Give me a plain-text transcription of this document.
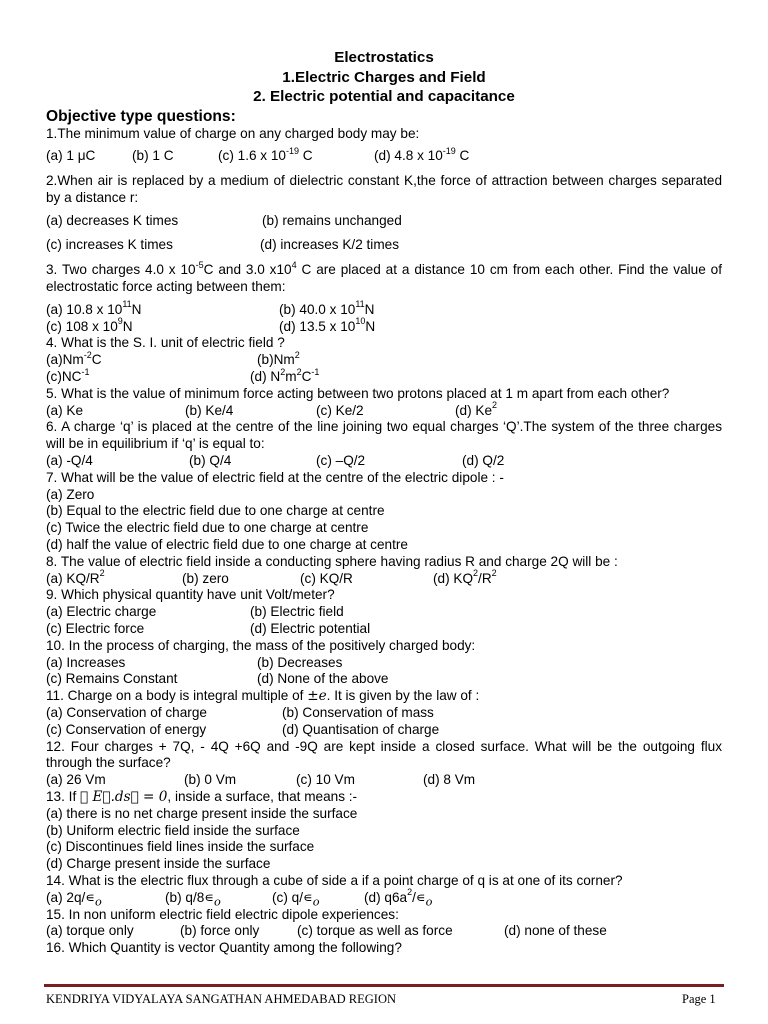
Electrostatics
1.Electric Charges and Field
2. Electric potential and capacitance
Objective type questions:

1.The minimum value of charge on any charged body may be:

(a) 1 μC	(b) 1 C	(c) 1.6 x $10^{-19}$ C	(d) 4.8 x $10^{-19}$ C

2.When air is replaced by a medium of dielectric constant K,the force of attraction between charges separated by a distance r:

(a) decreases K times	(b) remains unchanged
(c) increases K times	(d) increases K/2 times

3. Two charges 4.0 x $10^{-5}C$ and 3.0 $x10^4$ C are placed at a distance 10 cm from each other. Find the value of electrostatic force acting between them:

(a) 10.8 x $10^{11}N$	(b) 40.0 x $10^{11}N$
(c) 108 x $10^9N$	(d) 13.5 x $10^{10}N$

4. What is the S. I. unit of electric field ?

$(a)Nm^{-2}C$	(b)Nm$^2$
$(c)NC^{-1}$	(d) $N^2m^2C^{-1}$

5. What is the value of minimum force acting between two protons placed at 1 m apart from each other?

(a) Ke	(b) Ke/4	(c) Ke/2	(d) Ke$^2$

6. A charge ‘q’ is placed at the centre of the line joining two equal charges ‘Q’.The system of the three charges will be in equilibrium if ‘q’ is equal to:

(a) -Q/4	(b) Q/4	(c) –Q/2	(d) Q/2

7. What will be the value of electric field at the centre of the electric dipole : -

(a) Zero
(b) Equal to the electric field due to one charge at centre
(c) Twice the electric field due to one charge at centre
(d) half the value of electric field due to one charge at centre

8. The value of electric field inside a conducting sphere having radius R and charge 2Q will be :

(a) $KQ/R^2$	(b) zero	(c) KQ/R	(d) $KQ^2/R^2$

9. Which physical quantity have unit Volt/meter?

(a) Electric charge	(b) Electric field
(c) Electric force	(d) Electric potential

10. In the process of charging, the mass of the positively charged body:

(a) Increases	(b) Decreases
(c) Remains Constant	(d) None of the above

11. Charge on a body is integral multiple of ±e. It is given by the law of :

(a) Conservation of charge	(b) Conservation of mass
(c) Conservation of energy	(d) Quantisation of charge

12. Four charges + 7Q, - 4Q +6Q and -9Q are kept inside a closed surface. What will be the outgoing flux through the surface?

(a) 26 Vm	(b) 0 Vm	(c) 10 Vm	(d) 8 Vm

13. If ∮ E⃗.ds⃗ = 0, inside a surface, that means :-

(a) there is no net charge present inside the surface
(b) Uniform electric field inside the surface
(c) Discontinues field lines inside the surface
(d) Charge present inside the surface

14. What is the electric flux through a cube of side a if a point charge of q is at one of its corner?

(a) $2q/∊_o$	(b) $q/8∊_o$	(c) $q/∊_o$	(d) $q6a^2/∊_o$

15. In non uniform electric field electric dipole experiences:

(a) torque only	(b) force only	(c) torque as well as force	(d) none of these

16. Which Quantity is vector Quantity among the following?

KENDRIYA VIDYALAYA SANGATHAN AHMEDABAD REGION	Page 1
